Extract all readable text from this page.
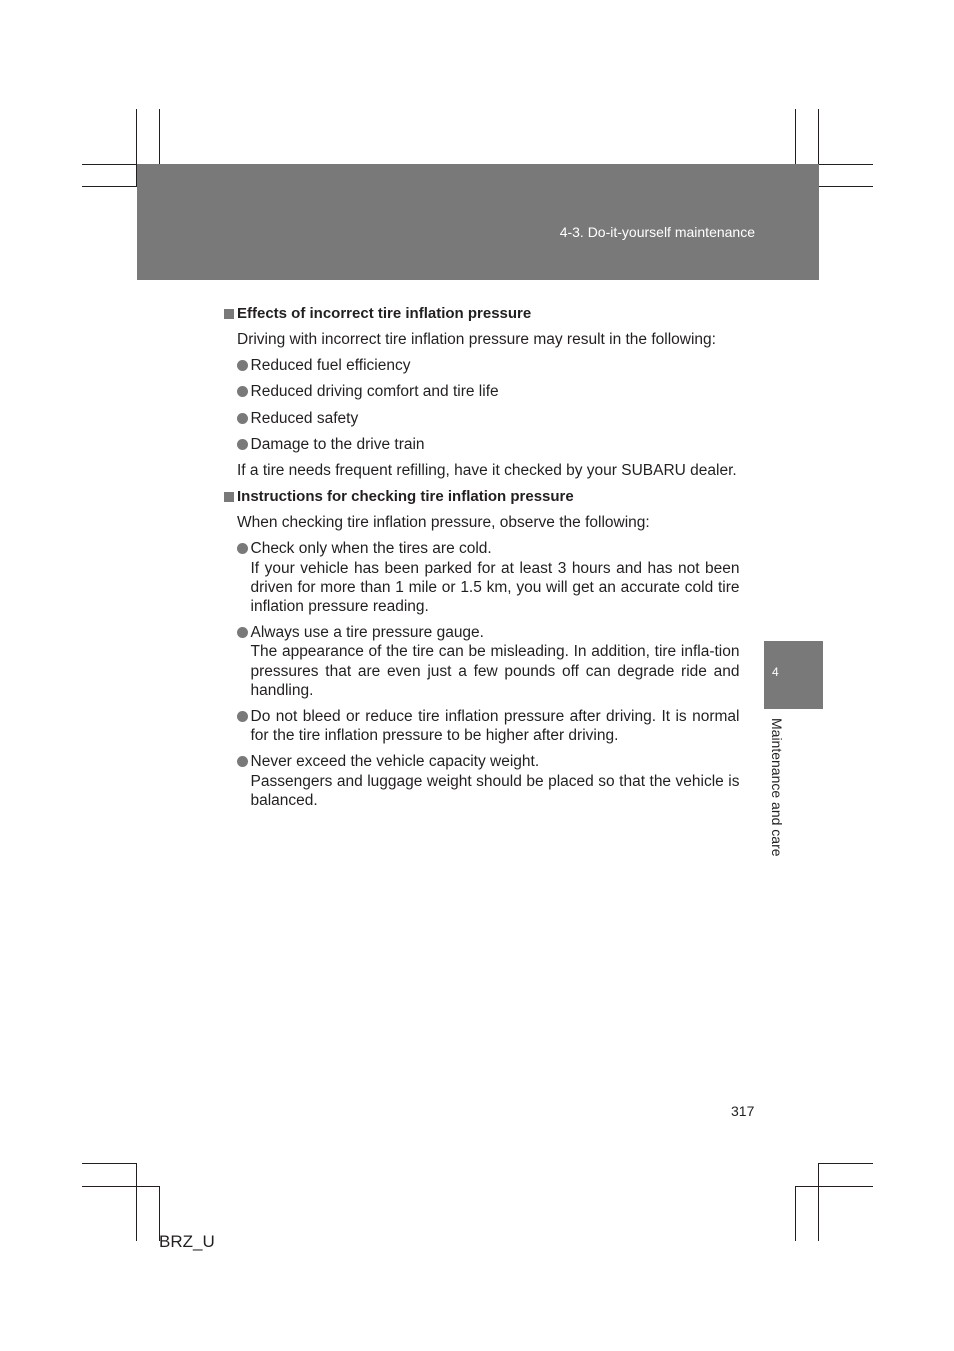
4-3. Do-it-yourself maintenance
4
Maintenance and care
Effects of incorrect tire inflation pressure
Driving with incorrect tire inflation pressure may result in the following:
Reduced fuel efficiency
Reduced driving comfort and tire life
Reduced safety
Damage to the drive train
If a tire needs frequent refilling, have it checked by your SUBARU dealer.
Instructions for checking tire inflation pressure
When checking tire inflation pressure, observe the following:
Check only when the tires are cold.
If your vehicle has been parked for at least 3 hours and has not been driven for more than 1 mile or 1.5 km, you will get an accurate cold tire inflation pressure reading.
Always use a tire pressure gauge.
The appearance of the tire can be misleading. In addition, tire infla-tion pressures that are even just a few pounds off can degrade ride and handling.
Do not bleed or reduce tire inflation pressure after driving. It is normal for the tire inflation pressure to be higher after driving.
Never exceed the vehicle capacity weight.
Passengers and luggage weight should be placed so that the vehicle is balanced.
317
BRZ_U
